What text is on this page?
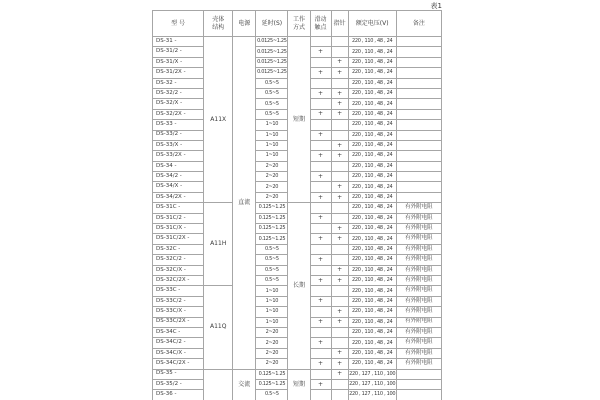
表1
型 号	壳体结构	电源	延时(S)	工作方式	滑动触点	指针	额定电压(V)	备注
DS-31 -	A11X	直流	0.0125~1.25	短期			220 , 110 , 48 , 24	
DS-31/2 -			0.0125~1.25		+		220 , 110 , 48 , 24	
DS-31/X -			0.0125~1.25			+	220 , 110 , 48 , 24	
DS-31/2X -			0.0125~1.25		+	+	220 , 110 , 48 , 24	
DS-32 -			0.5~5				220 , 110 , 48 , 24	
DS-32/2 -			0.5~5		+	+	220 , 110 , 48 , 24	
DS-32/X -			0.5~5			+	220 , 110 , 48 , 24	
DS-32/2X -			0.5~5		+	+	220 , 110 , 48 , 24	
DS-33 -			1~10				220 , 110 , 48 , 24	
DS-33/2 -			1~10		+		220 , 110 , 48 , 24	
DS-33/X -			1~10			+	220 , 110 , 48 , 24	
DS-33/2X -			1~10		+	+	220 , 110 , 48 , 24	
DS-34 -			2~20				220 , 110 , 48 , 24	
DS-34/2 -			2~20		+		220 , 110 , 48 , 24	
DS-34/X -			2~20			+	220 , 110 , 48 , 24	
DS-34/2X -			2~20		+	+	220 , 110 , 48 , 24	
DS-31C -	A11H		0.125~1.25	长期			220 , 110 , 48 , 24	有外附电阻
DS-31C/2 -			0.125~1.25		+		220 , 110 , 48 , 24	有外附电阻
DS-31C/X -			0.125~1.25			+	220 , 110 , 48 , 24	有外附电阻
DS-31C/2X -			0.125~1.25		+	+	220 , 110 , 48 , 24	有外附电阻
DS-32C -			0.5~5				220 , 110 , 48 , 24	有外附电阻
DS-32C/2 -			0.5~5		+		220 , 110 , 48 , 24	有外附电阻
DS-32C/X -			0.5~5			+	220 , 110 , 48 , 24	有外附电阻
DS-32C/2X -			0.5~5		+	+	220 , 110 , 48 , 24	有外附电阻
DS-33C -	A11Q		1~10				220 , 110 , 48 , 24	有外附电阻
DS-33C/2 -			1~10		+		220 , 110 , 48 , 24	有外附电阻
DS-33C/X -			1~10			+	220 , 110 , 48 , 24	有外附电阻
DS-33C/2X -			1~10		+	+	220 , 110 , 48 , 24	有外附电阻
DS-34C -			2~20				220 , 110 , 48 , 24	有外附电阻
DS-34C/2 -			2~20		+		220 , 110 , 48 , 24	有外附电阻
DS-34C/X -			2~20			+	220 , 110 , 48 , 24	有外附电阻
DS-34C/2X -			2~20		+	+	220 , 110 , 48 , 24	有外附电阻
DS-35 -		交流	0.125~1.25	短期		+	220 , 127 , 110 , 100	
DS-35/2 -			0.125~1.25		+		220 , 127 , 110 , 100	
DS-36 -			0.5~5				220 , 127 , 110 , 100	
